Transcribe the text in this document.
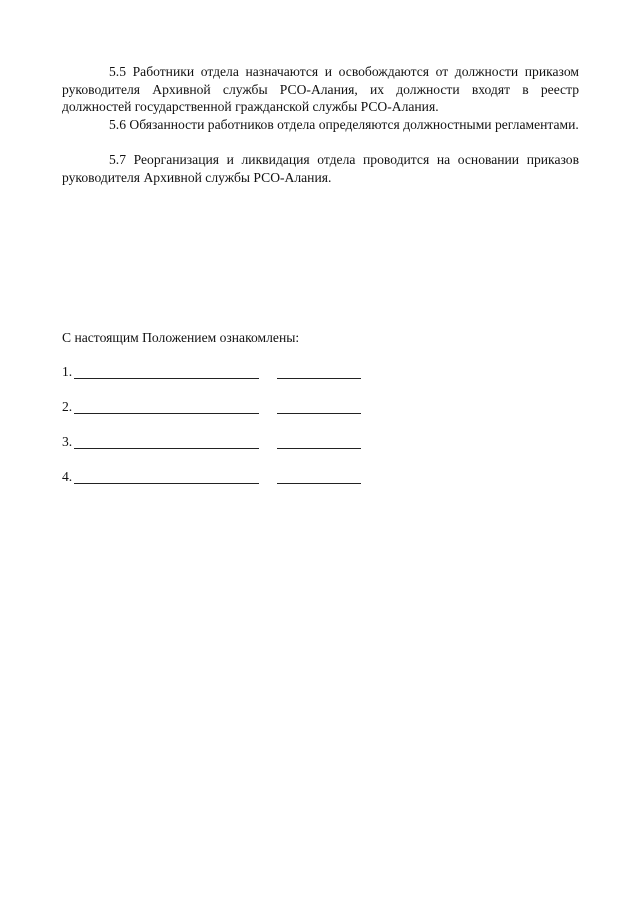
5.5 Работники отдела назначаются и освобождаются от должности приказом руководителя Архивной службы РСО-Алания, их должности входят в реестр должностей государственной гражданской службы РСО-Алания.

5.6 Обязанности работников отдела определяются должностными регламентами.

5.7 Реорганизация и ликвидация отдела проводится на основании приказов руководителя Архивной службы РСО-Алания.

С настоящим Положением ознакомлены:

1.
2.
3.
4.
